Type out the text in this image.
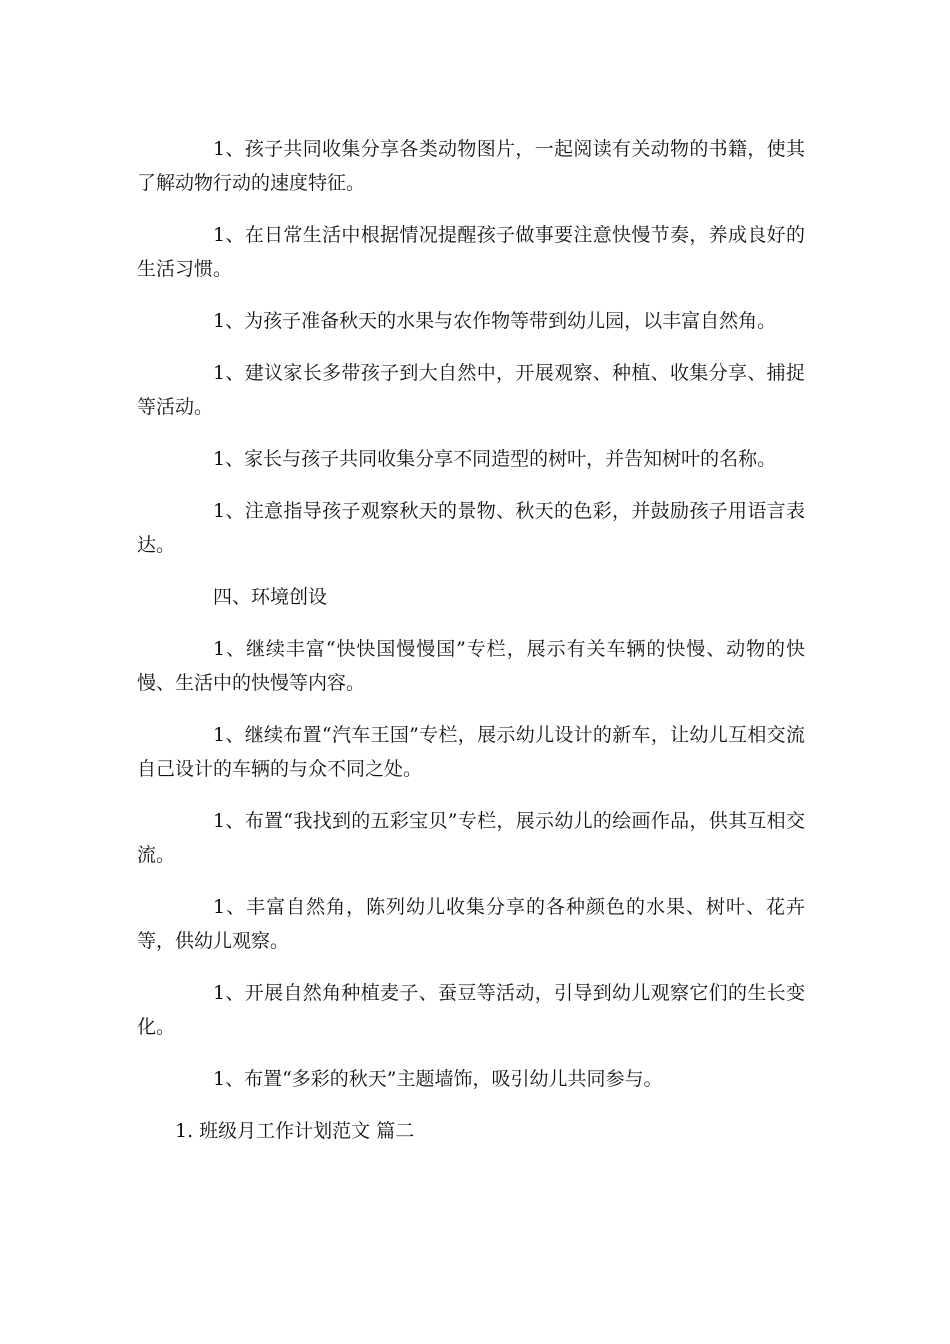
1、孩子共同收集分享各类动物图片，一起阅读有关动物的书籍，使其了解动物行动的速度特征。

1、在日常生活中根据情况提醒孩子做事要注意快慢节奏，养成良好的生活习惯。

1、为孩子准备秋天的水果与农作物等带到幼儿园，以丰富自然角。

1、建议家长多带孩子到大自然中，开展观察、种植、收集分享、捕捉等活动。

1、家长与孩子共同收集分享不同造型的树叶，并告知树叶的名称。

1、注意指导孩子观察秋天的景物、秋天的色彩，并鼓励孩子用语言表达。

四、环境创设

1、继续丰富“快快国慢慢国”专栏，展示有关车辆的快慢、动物的快慢、生活中的快慢等内容。

1、继续布置“汽车王国”专栏，展示幼儿设计的新车，让幼儿互相交流自己设计的车辆的与众不同之处。

1、布置“我找到的五彩宝贝”专栏，展示幼儿的绘画作品，供其互相交流。

1、丰富自然角，陈列幼儿收集分享的各种颜色的水果、树叶、花卉等，供幼儿观察。

1、开展自然角种植麦子、蚕豆等活动，引导到幼儿观察它们的生长变化。

1、布置“多彩的秋天”主题墙饰，吸引幼儿共同参与。

1. 班级月工作计划范文 篇二
